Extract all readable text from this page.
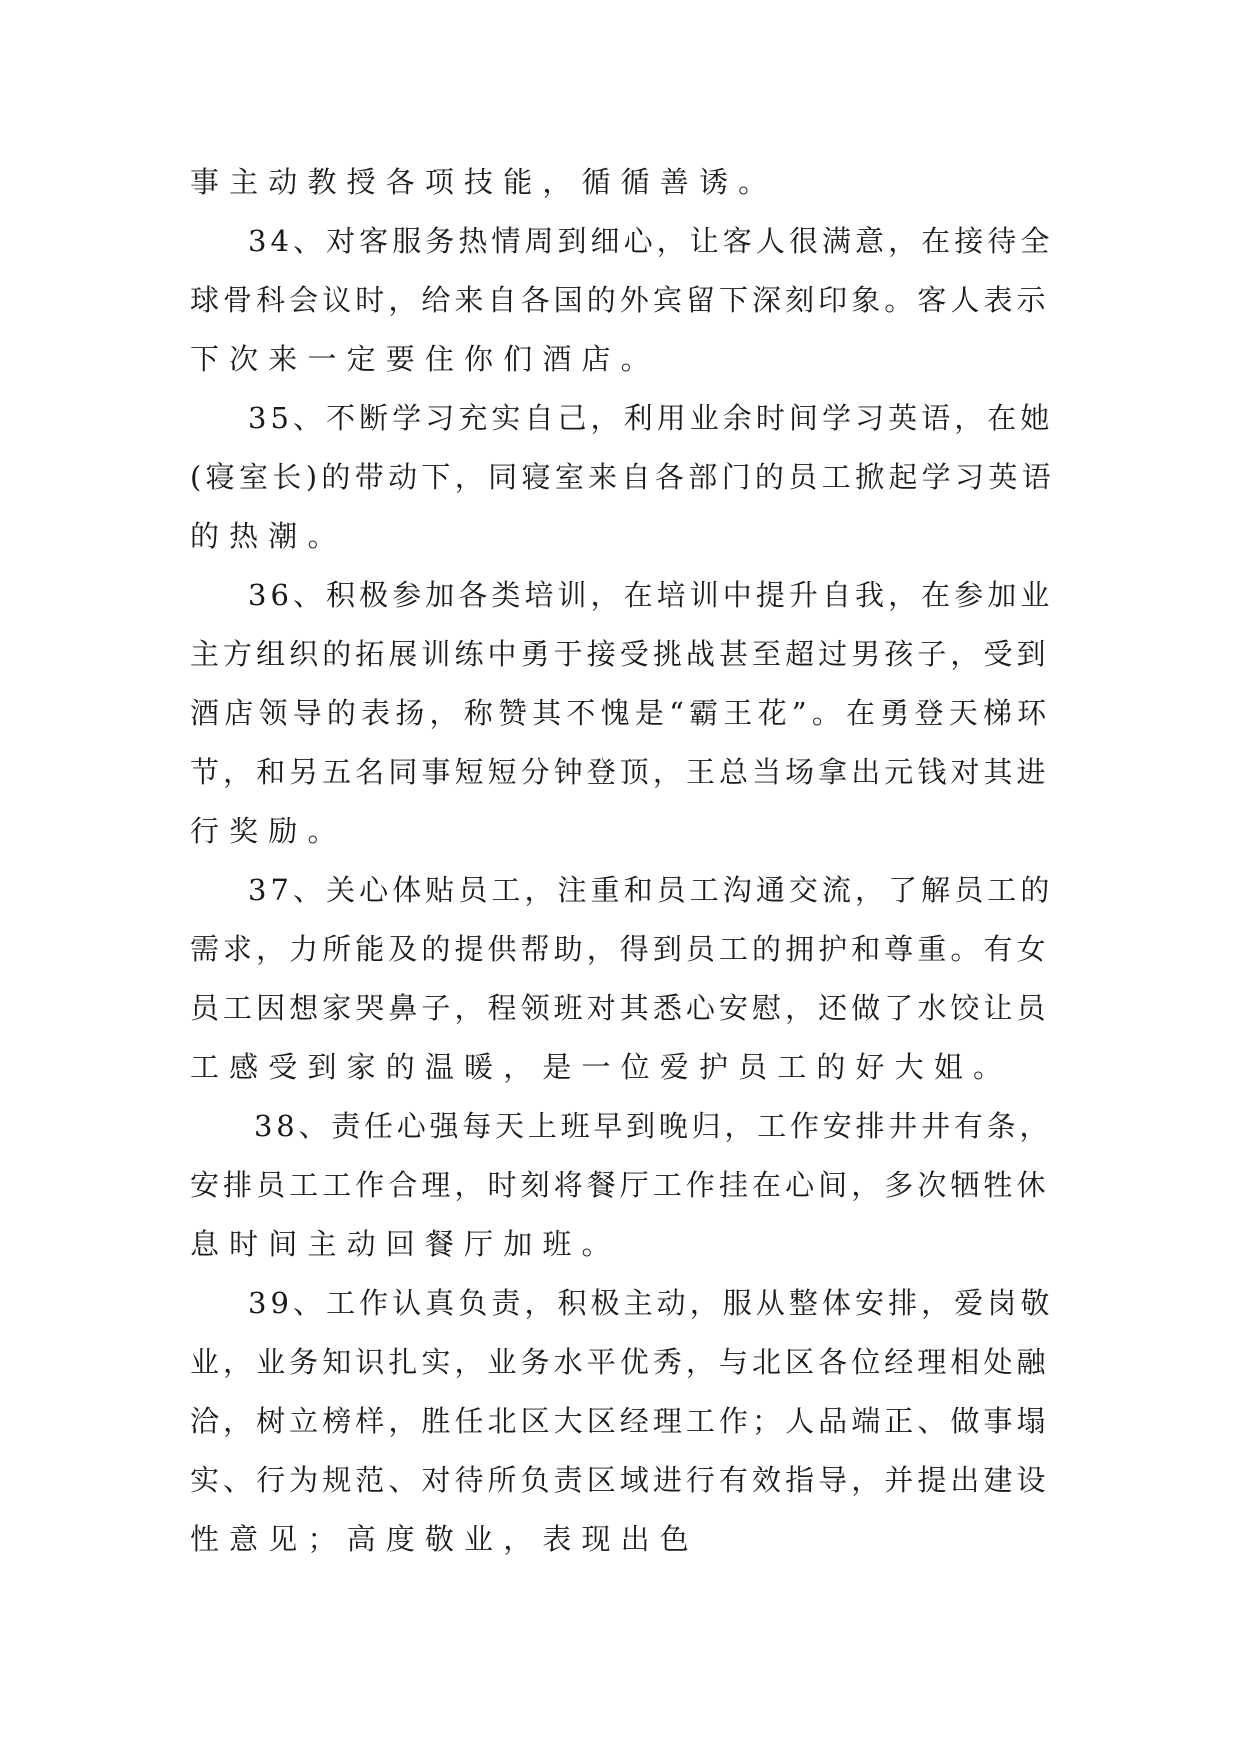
事主动教授各项技能，循循善诱。
34、对客服务热情周到细心，让客人很满意，在接待全
球骨科会议时，给来自各国的外宾留下深刻印象。客人表示
下次来一定要住你们酒店。
35、不断学习充实自己，利用业余时间学习英语，在她
(寝室长)的带动下，同寝室来自各部门的员工掀起学习英语
的热潮。
36、积极参加各类培训，在培训中提升自我，在参加业
主方组织的拓展训练中勇于接受挑战甚至超过男孩子，受到
酒店领导的表扬，称赞其不愧是“霸王花”。在勇登天梯环
节，和另五名同事短短分钟登顶，王总当场拿出元钱对其进
行奖励。
37、关心体贴员工，注重和员工沟通交流，了解员工的
需求，力所能及的提供帮助，得到员工的拥护和尊重。有女
员工因想家哭鼻子，程领班对其悉心安慰，还做了水饺让员
工感受到家的温暖，是一位爱护员工的好大姐。
38、责任心强每天上班早到晚归，工作安排井井有条，
安排员工工作合理，时刻将餐厅工作挂在心间，多次牺牲休
息时间主动回餐厅加班。
39、工作认真负责，积极主动，服从整体安排，爱岗敬
业，业务知识扎实，业务水平优秀，与北区各位经理相处融
洽，树立榜样，胜任北区大区经理工作；人品端正、做事塌
实、行为规范、对待所负责区域进行有效指导，并提出建设
性意见；高度敬业，表现出色
